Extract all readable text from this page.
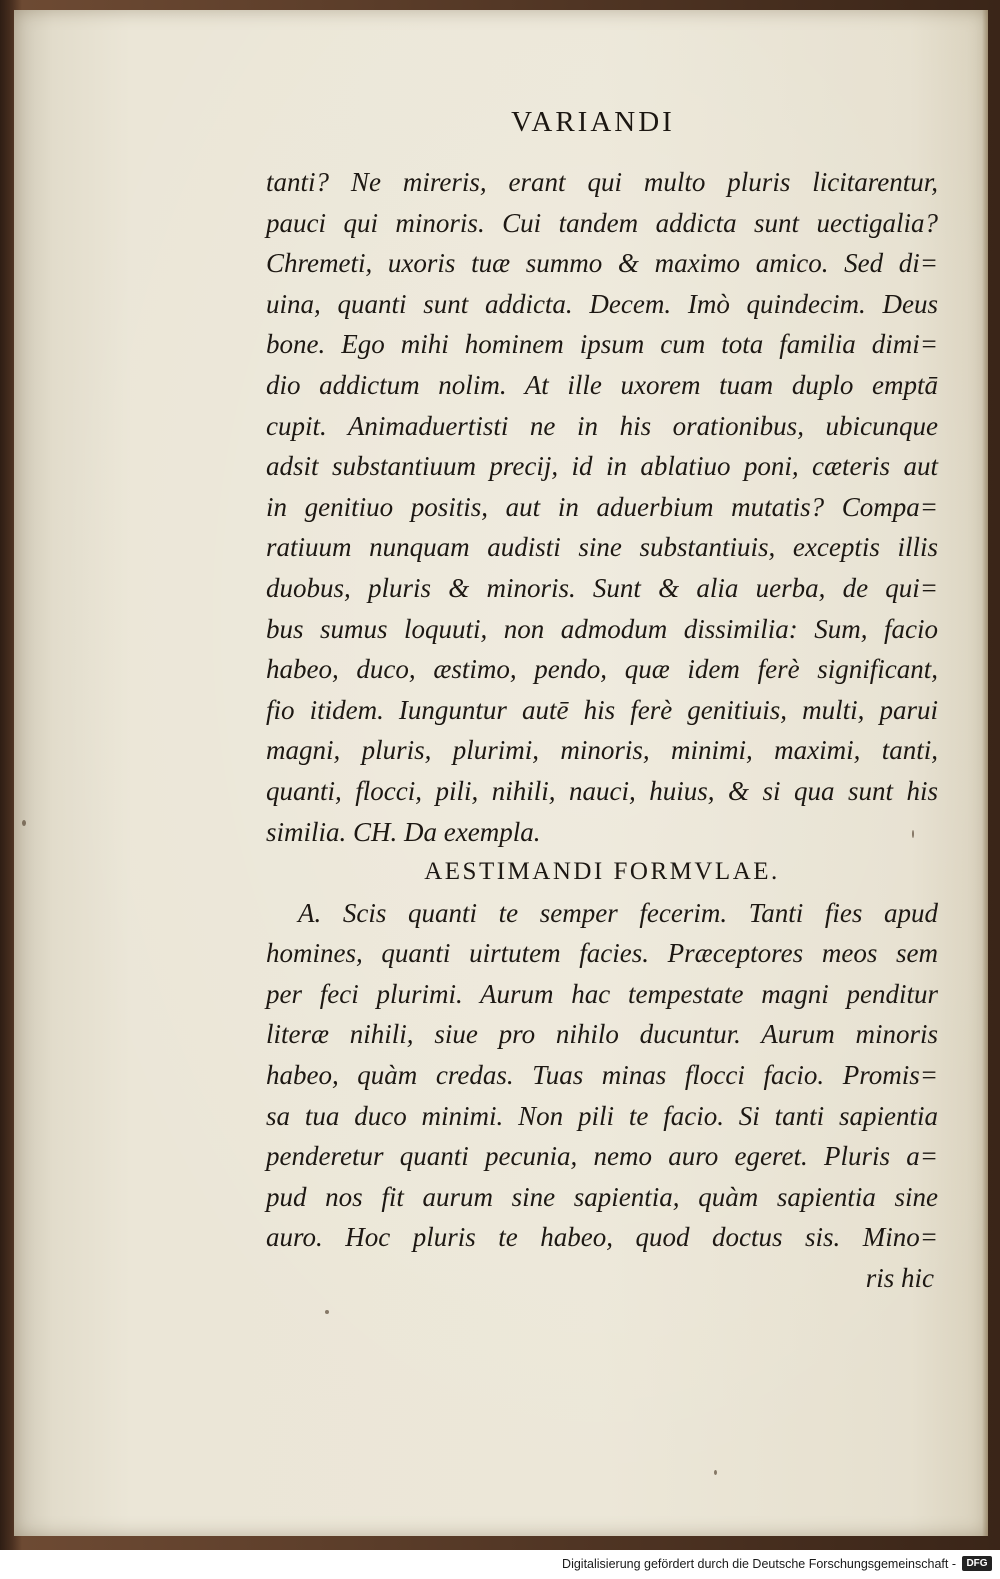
VARIANDI
tanti? Ne mireris, erant qui multo pluris licitarentur,
pauci qui minoris. Cui tandem addicta sunt uectigalia?
Chremeti, uxoris tuæ summo & maximo amico. Sed di=
uina, quanti sunt addicta. Decem. Imò quindecim. Deus
bone. Ego mihi hominem ipsum cum tota familia dimi=
dio addictum nolim. At ille uxorem tuam duplo emptā
cupit. Animaduertisti ne in his orationibus, ubicunque
adsit substantiuum precij, id in ablatiuo poni, cæteris aut
in genitiuo positis, aut in aduerbium mutatis? Compa=
ratiuum nunquam audisti sine substantiuis, exceptis illis
duobus, pluris & minoris. Sunt & alia uerba, de qui=
bus sumus loquuti, non admodum dissimilia: Sum, facio
habeo, duco, æstimo, pendo, quæ idem ferè significant,
fio itidem. Iunguntur autē his ferè genitiuis, multi, parui
magni, pluris, plurimi, minoris, minimi, maximi, tanti,
quanti, flocci, pili, nihili, nauci, huius, & si qua sunt his
similia. CH. Da exempla.
AESTIMANDI FORMVLAE.
A. Scis quanti te semper fecerim. Tanti fies apud
homines, quanti uirtutem facies. Præceptores meos sem
per feci plurimi. Aurum hac tempestate magni penditur
literæ nihili, siue pro nihilo ducuntur. Aurum minoris
habeo, quàm credas. Tuas minas flocci facio. Promis=
sa tua duco minimi. Non pili te facio. Si tanti sapientia
penderetur quanti pecunia, nemo auro egeret. Pluris a=
pud nos fit aurum sine sapientia, quàm sapientia sine
auro. Hoc pluris te habeo, quod doctus sis. Mino=
ris hic
Digitalisierung gefördert durch die Deutsche Forschungsgemeinschaft -	DFG
